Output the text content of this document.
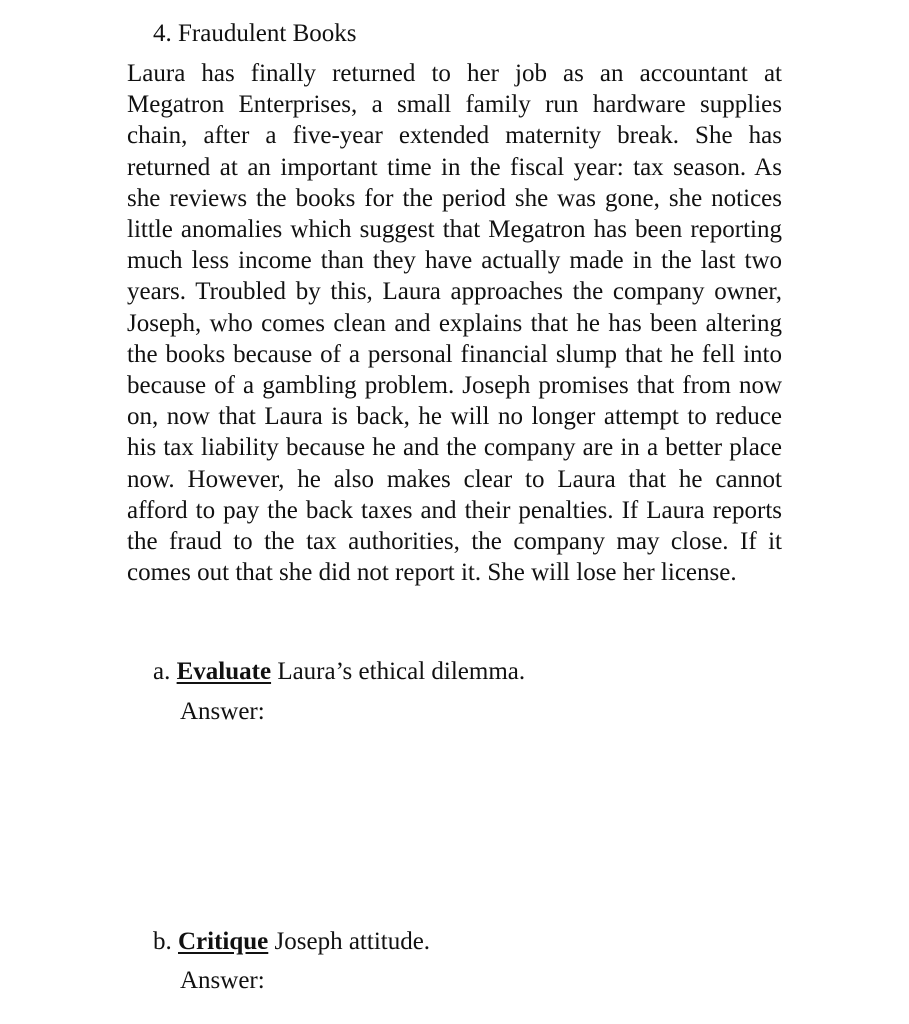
4. Fraudulent Books

Laura has finally returned to her job as an accountant at Megatron Enterprises, a small family run hardware supplies chain, after a five-year extended maternity break. She has returned at an important time in the fiscal year: tax season. As she reviews the books for the period she was gone, she notices little anomalies which suggest that Megatron has been reporting much less income than they have actually made in the last two years. Troubled by this, Laura approaches the company owner, Joseph, who comes clean and explains that he has been altering the books because of a personal financial slump that he fell into because of a gambling problem. Joseph promises that from now on, now that Laura is back, he will no longer attempt to reduce his tax liability because he and the company are in a better place now. However, he also makes clear to Laura that he cannot afford to pay the back taxes and their penalties. If Laura reports the fraud to the tax authorities, the company may close. If it comes out that she did not report it. She will lose her license.

a. Evaluate Laura’s ethical dilemma.

Answer:

b. Critique Joseph attitude.

Answer:
